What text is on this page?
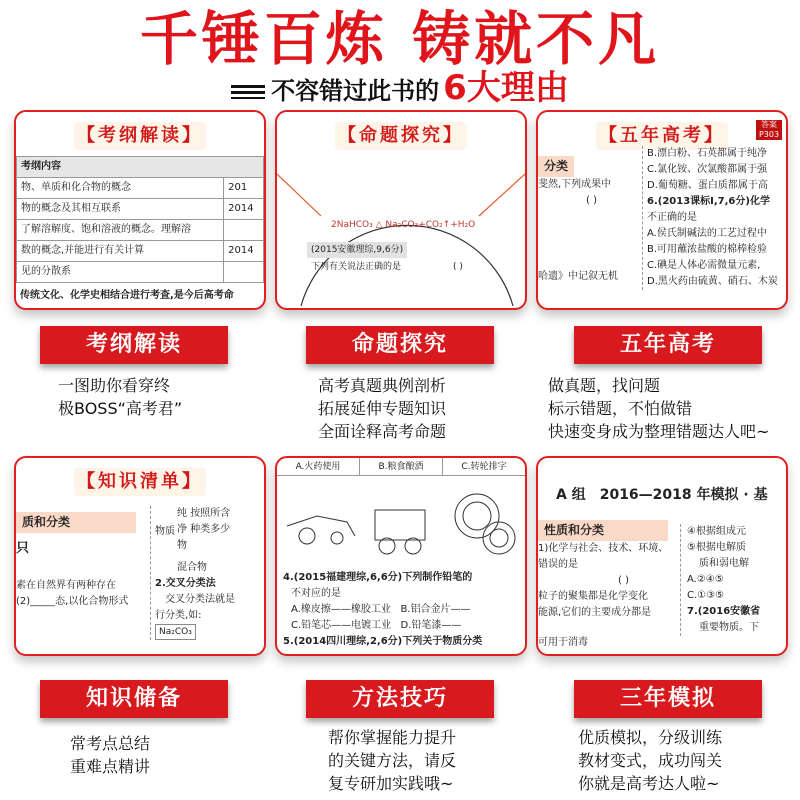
千锤百炼 铸就不凡
不容错过此书的 6大理由
【考纲解读】
考纲内容	
物、单质和化合物的概念	201
物的概念及其相互联系	2014
了解溶解度、饱和溶液的概念。理解溶	
数的概念,并能进行有关计算	2014
见的分散系	
传统文化、化学史相结合进行考查,是今后高考命
考纲解读
一图助你看穿终
极BOSS“高考君”
【命题探究】
2NaHCO₃ △ Na₂CO₃+CO₂↑+H₂O
(2015安徽理综,9,6分)
下列有关说法正确的是	( )
命题探究
高考真题典例剖析
拓展延伸专题知识
全面诠释高考命题
【五年高考】
答案 P303
分类
斐然,下列成果中
( )
哈遗》中记叙无机
B.漂白粉、石英都属于纯净
C.氯化铵、次氯酸都属于强
D.葡萄糖、蛋白质都属于高
6.(2013课标Ⅰ,7,6分)化学
不正确的是
A.侯氏制碱法的工艺过程中
B.可用蘸浓盐酸的棉棒检验
C.碘是人体必需微量元素,
D.黑火药由硫黄、硝石、木炭
五年高考
做真题，找问题
标示错题，不怕做错
快速变身成为整理错题达人吧~
【知识清单】
质和分类
只
素在自然界有两种存在
(2)_____态,以化合物形式
物质
纯 按照所含
净 种类多少
物
混合物
2.交叉分类法
交叉分类法就是
行分类,如:
Na₂CO₃
知识储备
常考点总结
重难点精讲
A.火药使用	B.粮食酿酒	C.转轮排字
4.(2015福建理综,6,6分)下列制作铅笔的
不对应的是
A.橡皮擦——橡胶工业 B.铝合金片——
C.铅笔芯——电镀工业 D.铅笔漆——
5.(2014四川理综,2,6分)下列关于物质分类
方法技巧
帮你掌握能力提升
的关键方法，请反
复专研加实践哦~
A 组　2016—2018 年模拟 · 基
性质和分类
1)化学与社会、技术、环境、
错误的是
( )
粒子的聚集都是化学变化
能源,它们的主要成分都是
可用于消毒
④根据组成元
⑤根据电解质
质和弱电解
A.②④⑤
C.①③⑤
7.(2016安徽省
重要物质。下
三年模拟
优质模拟，分级训练
教材变式，成功闯关
你就是高考达人啦~
